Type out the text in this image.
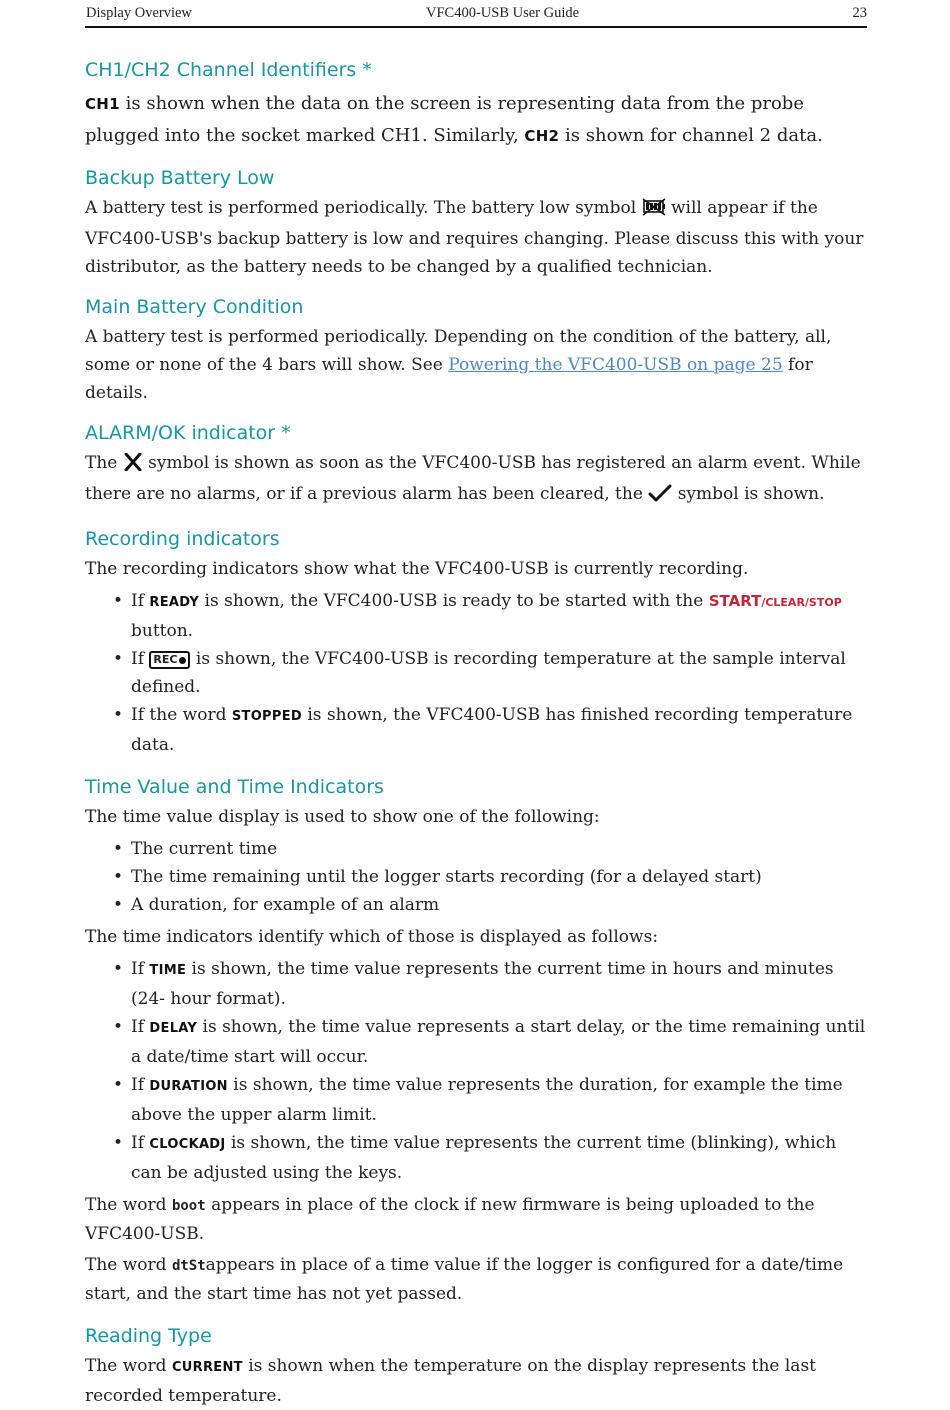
Display Overview	VFC400-USB User Guide	23
CH1/CH2 Channel Identifiers *

CH1 is shown when the data on the screen is representing data from the probe plugged into the socket marked CH1. Similarly, CH2 is shown for channel 2 data.

Backup Battery Low

A battery test is performed periodically. The battery low symbol  will appear if the VFC400-USB's backup battery is low and requires changing. Please discuss this with your distributor, as the battery needs to be changed by a qualified technician.

Main Battery Condition

A battery test is performed periodically. Depending on the condition of the battery, all, some or none of the 4 bars will show. See Powering the VFC400-USB on page 25 for details.

ALARM/OK indicator *

The  symbol is shown as soon as the VFC400-USB has registered an alarm event. While there are no alarms, or if a previous alarm has been cleared, the  symbol is shown.

Recording indicators

The recording indicators show what the VFC400-USB is currently recording.

• If READY is shown, the VFC400-USB is ready to be started with the START/CLEAR/STOP button.
• If REC is shown, the VFC400-USB is recording temperature at the sample interval defined.
• If the word STOPPED is shown, the VFC400-USB has finished recording temperature data.
Time Value and Time Indicators

The time value display is used to show one of the following:

• The current time
• The time remaining until the logger starts recording (for a delayed start)
• A duration, for example of an alarm

The time indicators identify which of those is displayed as follows:

• If TIME is shown, the time value represents the current time in hours and minutes (24- hour format).
• If DELAY is shown, the time value represents a start delay, or the time remaining until a date/time start will occur.
• If DURATION is shown, the time value represents the duration, for example the time above the upper alarm limit.
• If CLOCKADJ is shown, the time value represents the current time (blinking), which can be adjusted using the keys.

The word boot appears in place of the clock if new firmware is being uploaded to the VFC400-USB.

The word dtStappears in place of a time value if the logger is configured for a date/time start, and the start time has not yet passed.

Reading Type

The word CURRENT is shown when the temperature on the display represents the last recorded temperature.
